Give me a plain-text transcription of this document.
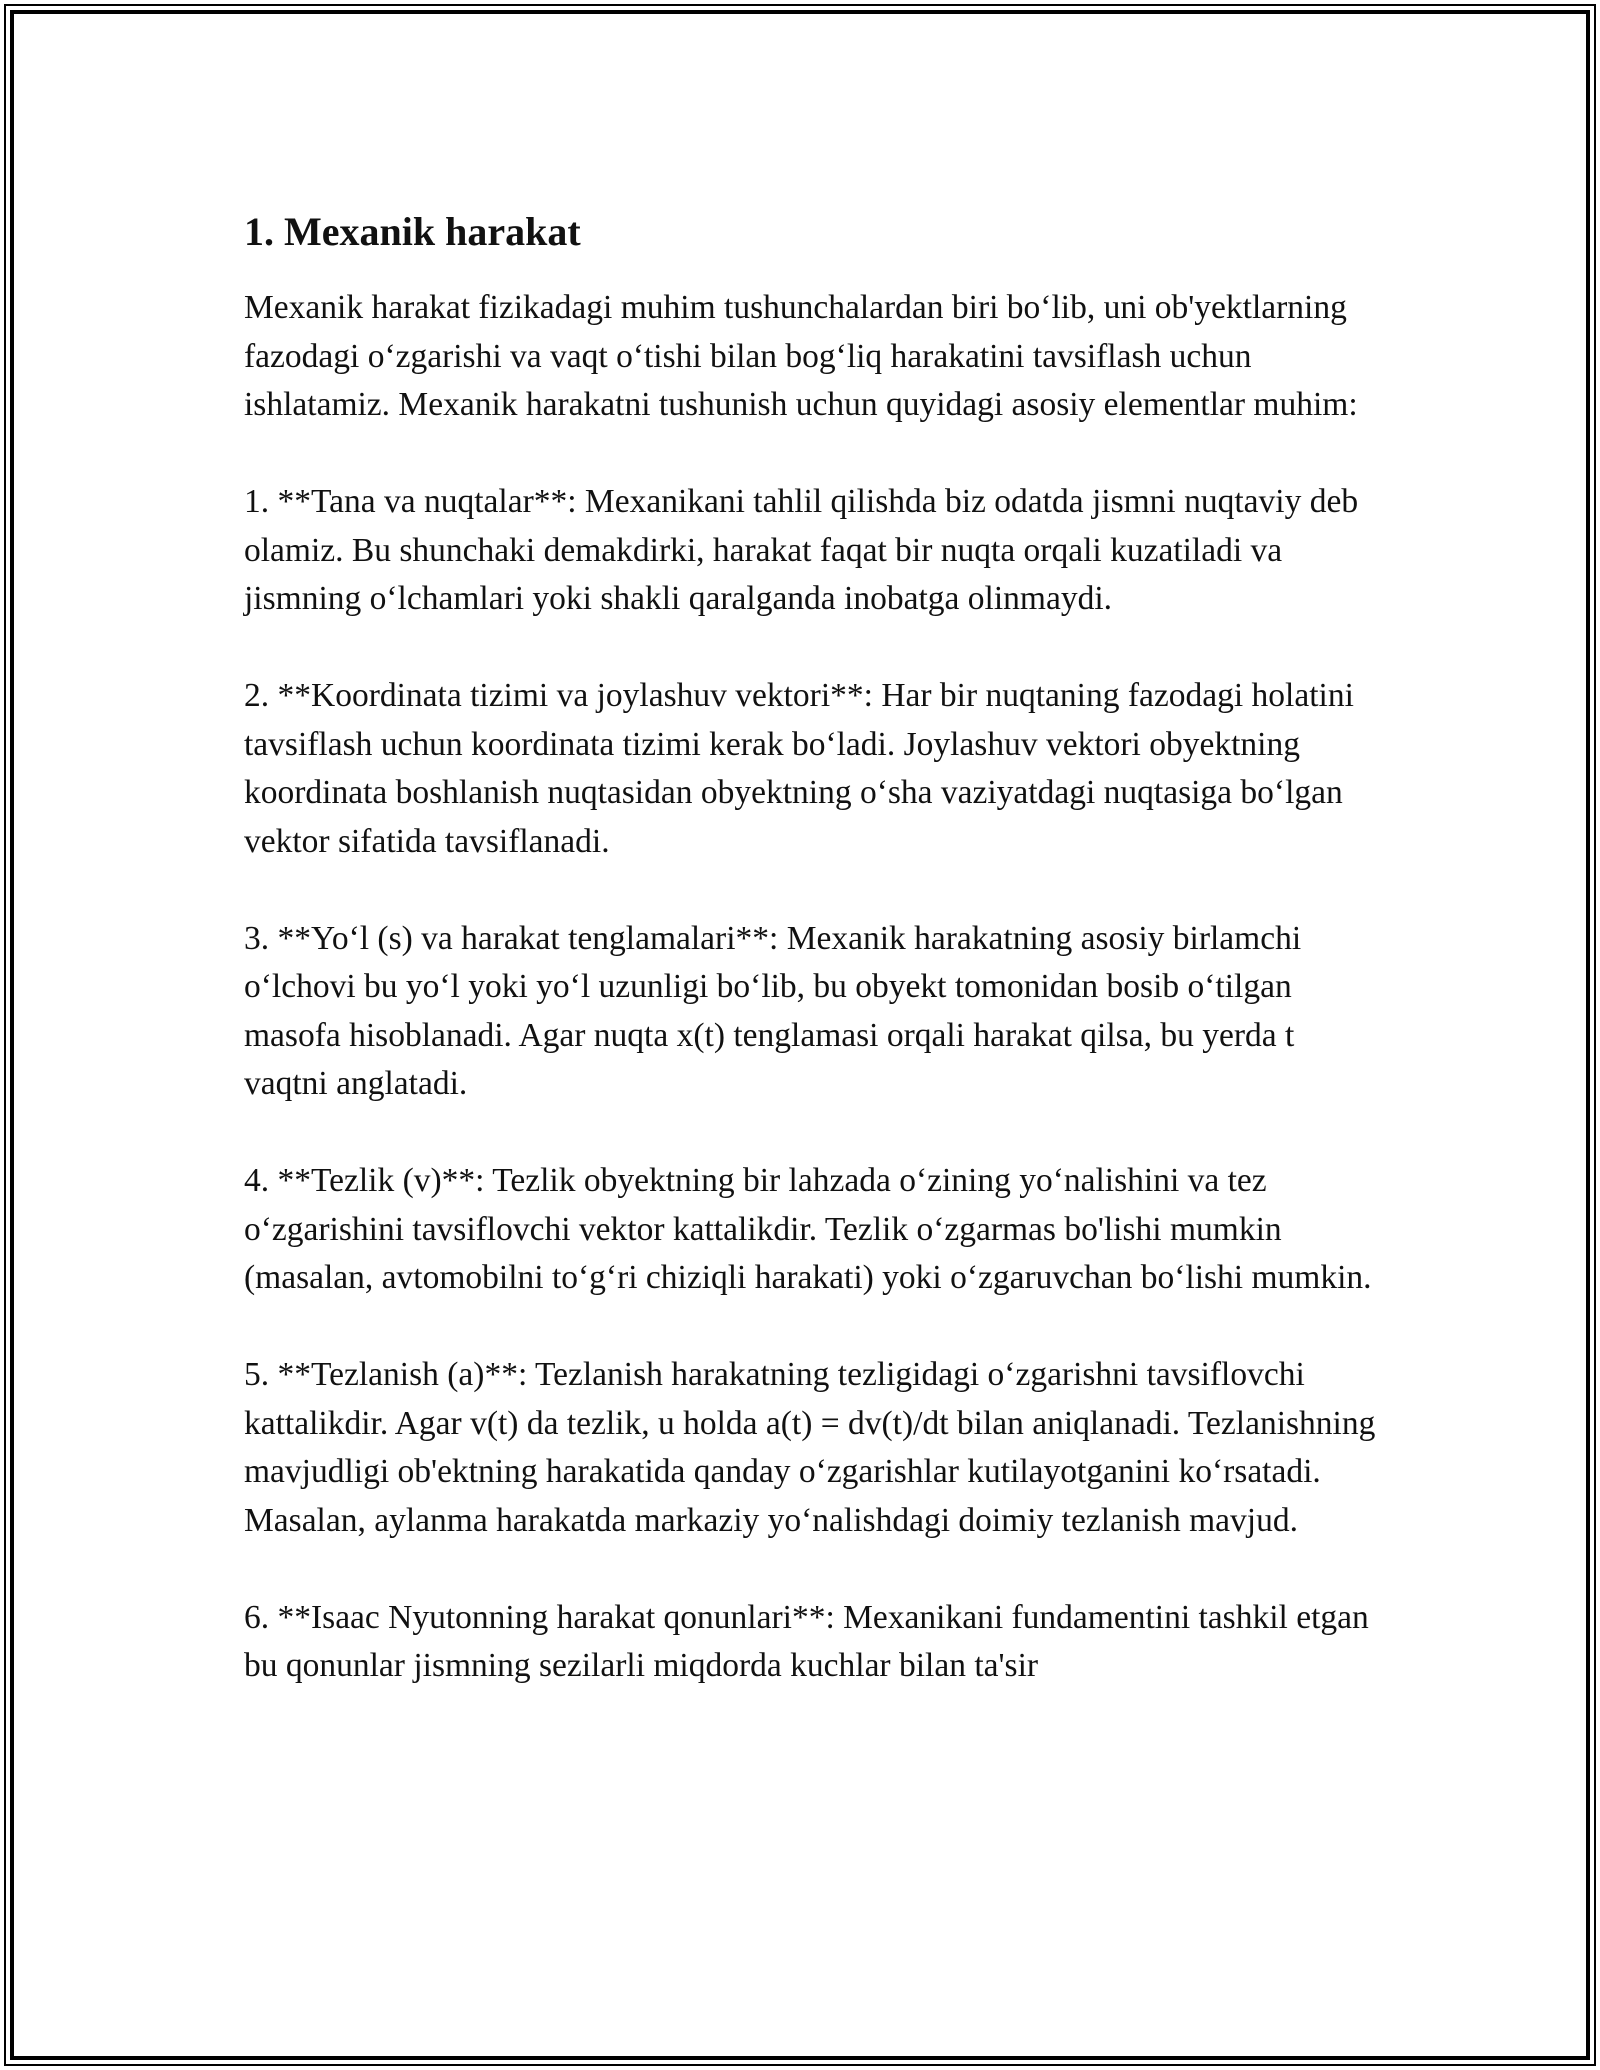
1. Mexanik harakat

Mexanik harakat fizikadagi muhim tushunchalardan biri bo‘lib, uni ob'yektlarning fazodagi o‘zgarishi va vaqt o‘tishi bilan bog‘liq harakatini tavsiflash uchun ishlatamiz. Mexanik harakatni tushunish uchun quyidagi asosiy elementlar muhim:

1. **Tana va nuqtalar**: Mexanikani tahlil qilishda biz odatda jismni nuqtaviy deb olamiz. Bu shunchaki demakdirki, harakat faqat bir nuqta orqali kuzatiladi va jismning o‘lchamlari yoki shakli qaralganda inobatga olinmaydi.

2. **Koordinata tizimi va joylashuv vektori**: Har bir nuqtaning fazodagi holatini tavsiflash uchun koordinata tizimi kerak bo‘ladi. Joylashuv vektori obyektning koordinata boshlanish nuqtasidan obyektning o‘sha vaziyatdagi nuqtasiga bo‘lgan vektor sifatida tavsiflanadi.

3. **Yo‘l (s) va harakat tenglamalari**: Mexanik harakatning asosiy birlamchi o‘lchovi bu yo‘l yoki yo‘l uzunligi bo‘lib, bu obyekt tomonidan bosib o‘tilgan masofa hisoblanadi. Agar nuqta x(t) tenglamasi orqali harakat qilsa, bu yerda t vaqtni anglatadi.

4. **Tezlik (v)**: Tezlik obyektning bir lahzada o‘zining yo‘nalishini va tez o‘zgarishini tavsiflovchi vektor kattalikdir. Tezlik o‘zgarmas bo'lishi mumkin (masalan, avtomobilni to‘g‘ri chiziqli harakati) yoki o‘zgaruvchan bo‘lishi mumkin.

5. **Tezlanish (a)**: Tezlanish harakatning tezligidagi o‘zgarishni tavsiflovchi kattalikdir. Agar v(t) da tezlik, u holda a(t) = dv(t)/dt bilan aniqlanadi. Tezlanishning mavjudligi ob'ektning harakatida qanday o‘zgarishlar kutilayotganini ko‘rsatadi. Masalan, aylanma harakatda markaziy yo‘nalishdagi doimiy tezlanish mavjud.

6. **Isaac Nyutonning harakat qonunlari**: Mexanikani fundamentini tashkil etgan bu qonunlar jismning sezilarli miqdorda kuchlar bilan ta'sir
